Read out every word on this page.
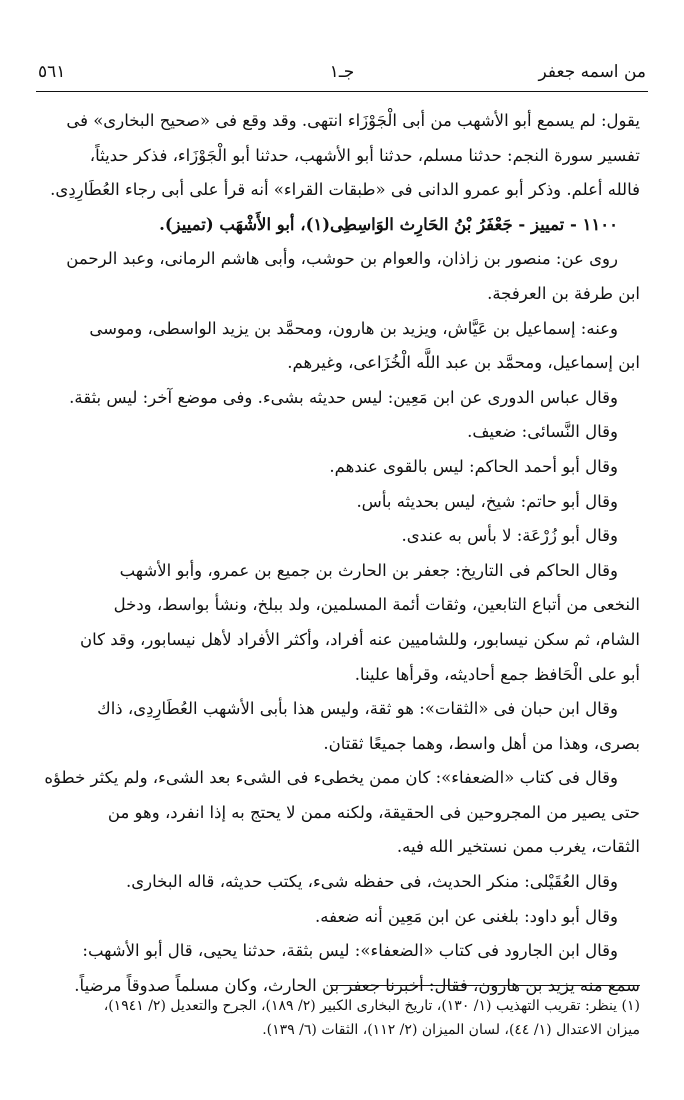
من اسمه جعفر
جـ١
٥٦١
يقول: لم يسمع أبو الأشهب من أبى الْجَوْزَاء انتهى. وقد وقع فى «صحيح البخارى» فى
تفسير سورة النجم: حدثنا مسلم، حدثنا أبو الأشهب، حدثنا أبو الْجَوْزَاء، فذكر حديثاً،
فالله أعلم. وذكر أبو عمرو الدانى فى «طبقات القراء» أنه قرأ على أبى رجاء العُطَارِدِى.
١١٠٠ - تمييز - جَعْفَرُ بْنُ الحَارِث الوَاسِطِى(١)، أبو الأَشْهَب (تمييز).
روى عن: منصور بن زاذان، والعوام بن حوشب، وأبى هاشم الرمانى، وعبد الرحمن
ابن طرفة بن العرفجة.
وعنه: إسماعيل بن عَيَّاش، ويزيد بن هارون، ومحمَّد بن يزيد الواسطى، وموسى
ابن إسماعيل، ومحمَّد بن عبد اللَّه الْخُزَاعى، وغيرهم.
وقال عباس الدورى عن ابن مَعِين: ليس حديثه بشىء. وفى موضع آخر: ليس بثقة.
وقال النَّسائى: ضعيف.
وقال أبو أحمد الحاكم: ليس بالقوى عندهم.
وقال أبو حاتم: شيخ، ليس بحديثه بأس.
وقال أبو زُرْعَة: لا بأس به عندى.
وقال الحاكم فى التاريخ: جعفر بن الحارث بن جميع بن عمرو، وأبو الأشهب
النخعى من أتباع التابعين، وثقات أئمة المسلمين، ولد ببلخ، ونشأ بواسط، ودخل
الشام، ثم سكن نيسابور، وللشاميين عنه أفراد، وأكثر الأفراد لأهل نيسابور، وقد كان
أبو على الْحَافظ جمع أحاديثه، وقرأها علينا.
وقال ابن حبان فى «الثقات»: هو ثقة، وليس هذا بأبى الأشهب العُطَارِدِى، ذاك
بصرى، وهذا من أهل واسط، وهما جميعًا ثقتان.
وقال فى كتاب «الضعفاء»: كان ممن يخطىء فى الشىء بعد الشىء، ولم يكثر خطؤه
حتى يصير من المجروحين فى الحقيقة، ولكنه ممن لا يحتج به إذا انفرد، وهو من
الثقات، يغرب ممن نستخير الله فيه.
وقال العُقَيْلى: منكر الحديث، فى حفظه شىء، يكتب حديثه، قاله البخارى.
وقال أبو داود: بلغنى عن ابن مَعِين أنه ضعفه.
وقال ابن الجارود فى كتاب «الضعفاء»: ليس بثقة، حدثنا يحيى، قال أبو الأشهب:
سمع منه يزيد بن هارون، فقال: أخبرنا جعفر بن الحارث، وكان مسلماً صدوقاً مرضياً.
(١) ينظر: تقريب التهذيب (١/ ١٣٠)، تاريخ البخارى الكبير (٢/ ١٨٩)، الجرح والتعديل (٢/ ١٩٤١)،
ميزان الاعتدال (١/ ٤٤)، لسان الميزان (٢/ ١١٢)، الثقات (٦/ ١٣٩).
